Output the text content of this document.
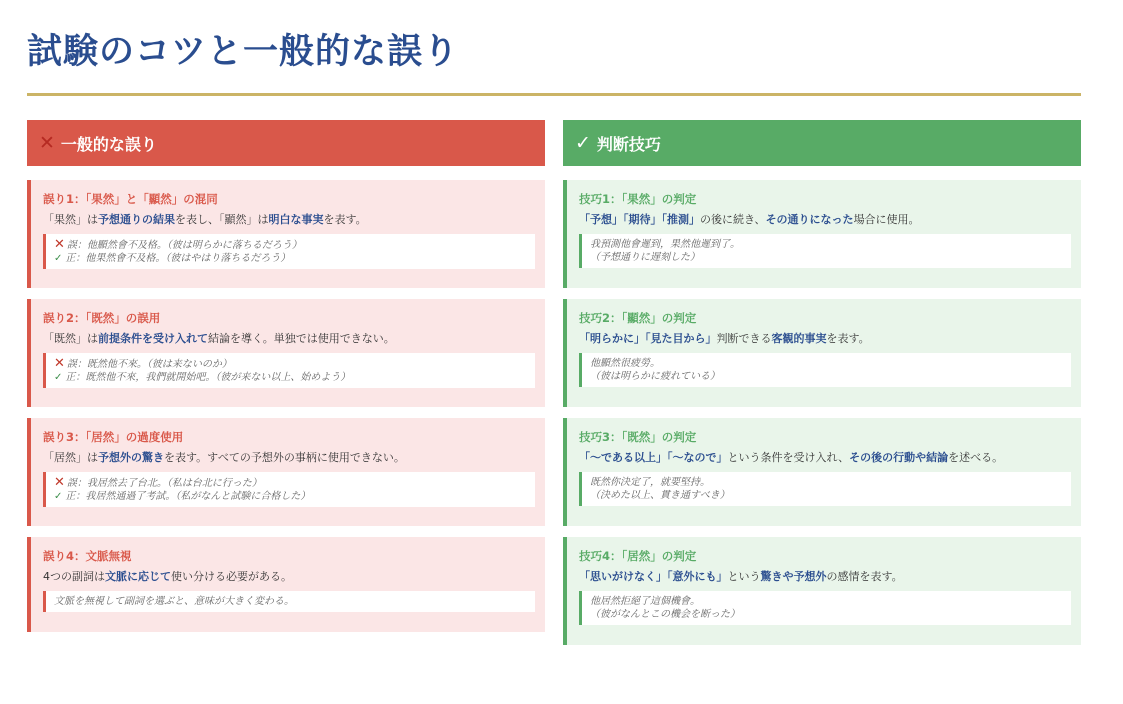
試験のコツと一般的な誤り
✕ 一般的な誤り
誤り1：「果然」と「顯然」の混同
「果然」は予想通りの結果を表し、「顯然」は明白な事実を表す。
✕ 誤：他顯然會不及格。（彼は明らかに落ちるだろう）
✓ 正：他果然會不及格。（彼はやはり落ちるだろう）
誤り2：「既然」の誤用
「既然」は前提条件を受け入れて結論を導く。単独では使用できない。
✕ 誤：既然他不來。（彼は来ないのか）
✓ 正：既然他不來，我們就開始吧。（彼が来ない以上、始めよう）
誤り3：「居然」の過度使用
「居然」は予想外の驚きを表す。すべての予想外の事柄に使用できない。
✕ 誤：我居然去了台北。（私は台北に行った）
✓ 正：我居然通過了考試。（私がなんと試験に合格した）
誤り4：文脈無視
4つの副詞は文脈に応じて使い分ける必要がある。
文脈を無視して副詞を選ぶと、意味が大きく変わる。
✓ 判断技巧
技巧1：「果然」の判定
「予想」「期待」「推測」の後に続き、その通りになった場合に使用。
我預測他會遲到，果然他遲到了。
（予想通りに遅刻した）
技巧2：「顯然」の判定
「明らかに」「見た目から」判断できる客観的事実を表す。
他顯然很疲勞。
（彼は明らかに疲れている）
技巧3：「既然」の判定
「〜である以上」「〜なので」という条件を受け入れ、その後の行動や結論を述べる。
既然你決定了，就要堅持。
（決めた以上、貫き通すべき）
技巧4：「居然」の判定
「思いがけなく」「意外にも」という驚きや予想外の感情を表す。
他居然拒絕了這個機會。
（彼がなんとこの機会を断った）
